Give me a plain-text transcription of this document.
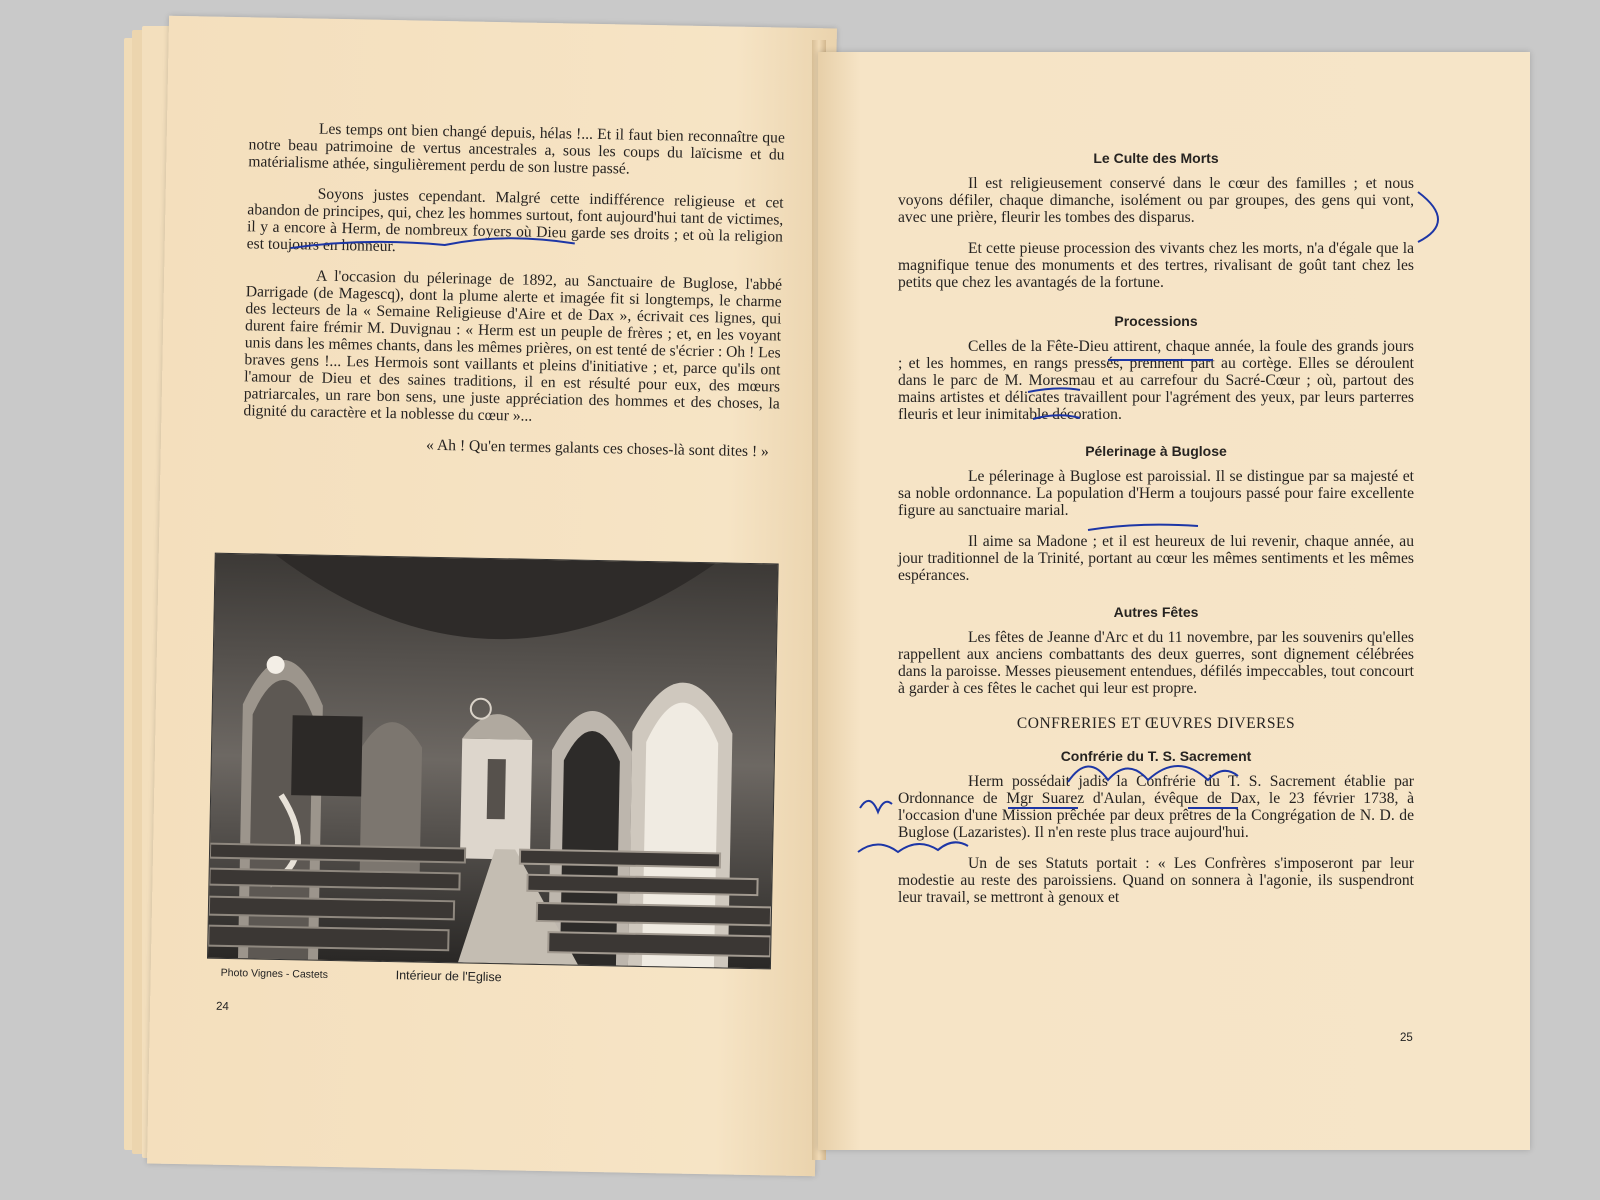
Les temps ont bien changé depuis, hélas !... Et il faut bien reconnaître que notre beau patrimoine de vertus ancestrales a, sous les coups du laïcisme et du matérialisme athée, singulièrement perdu de son lustre passé.

Soyons justes cependant. Malgré cette indifférence religieuse et cet abandon de principes, qui, chez les hommes surtout, font aujourd'hui tant de victimes, il y a encore à Herm, de nombreux foyers où Dieu garde ses droits ; et où la religion est toujours en honneur.

A l'occasion du pélerinage de 1892, au Sanctuaire de Buglose, l'abbé Darrigade (de Magescq), dont la plume alerte et imagée fit si longtemps, le charme des lecteurs de la « Semaine Religieuse d'Aire et de Dax », écrivait ces lignes, qui durent faire frémir M. Duvignau : « Herm est un peuple de frères ; et, en les voyant unis dans les mêmes chants, dans les mêmes prières, on est tenté de s'écrier : Oh ! Les braves gens !... Les Hermois sont vaillants et pleins d'initiative ; et, parce qu'ils ont l'amour de Dieu et des saines traditions, il en est résulté pour eux, des mœurs patriarcales, un rare bon sens, une juste appréciation des hommes et des choses, la dignité du caractère et la noblesse du cœur »...

« Ah ! Qu'en termes galants ces choses-là sont dites ! »

Photo Vignes - Castets	Intérieur de l'Eglise
24
Le Culte des Morts

Il est religieusement conservé dans le cœur des familles ; et nous voyons défiler, chaque dimanche, isolément ou par groupes, des gens qui vont, avec une prière, fleurir les tombes des disparus.

Et cette pieuse procession des vivants chez les morts, n'a d'égale que la magnifique tenue des monuments et des tertres, rivalisant de goût tant chez les petits que chez les avantagés de la fortune.

Processions

Celles de la Fête-Dieu attirent, chaque année, la foule des grands jours ; et les hommes, en rangs pressés, prennent part au cortège. Elles se déroulent dans le parc de M. Moresmau et au carrefour du Sacré-Cœur ; où, partout des mains artistes et délicates travaillent pour l'agrément des yeux, par leurs parterres fleuris et leur inimitable décoration.

Pélerinage à Buglose

Le pélerinage à Buglose est paroissial. Il se distingue par sa majesté et sa noble ordonnance. La population d'Herm a toujours passé pour faire excellente figure au sanctuaire marial.

Il aime sa Madone ; et il est heureux de lui revenir, chaque année, au jour traditionnel de la Trinité, portant au cœur les mêmes sentiments et les mêmes espérances.

Autres Fêtes

Les fêtes de Jeanne d'Arc et du 11 novembre, par les souvenirs qu'elles rappellent aux anciens combattants des deux guerres, sont dignement célébrées dans la paroisse. Messes pieusement entendues, défilés impeccables, tout concourt à garder à ces fêtes le cachet qui leur est propre.

CONFRERIES ET ŒUVRES DIVERSES
Confrérie du T. S. Sacrement

Herm possédait jadis la Confrérie du T. S. Sacrement établie par Ordonnance de Mgr Suarez d'Aulan, évêque de Dax, le 23 février 1738, à l'occasion d'une Mission prêchée par deux prêtres de la Congrégation de N. D. de Buglose (Lazaristes). Il n'en reste plus trace aujourd'hui.

Un de ses Statuts portait : « Les Confrères s'imposeront par leur modestie au reste des paroissiens. Quand on sonnera à l'agonie, ils suspendront leur travail, se mettront à genoux et

25
